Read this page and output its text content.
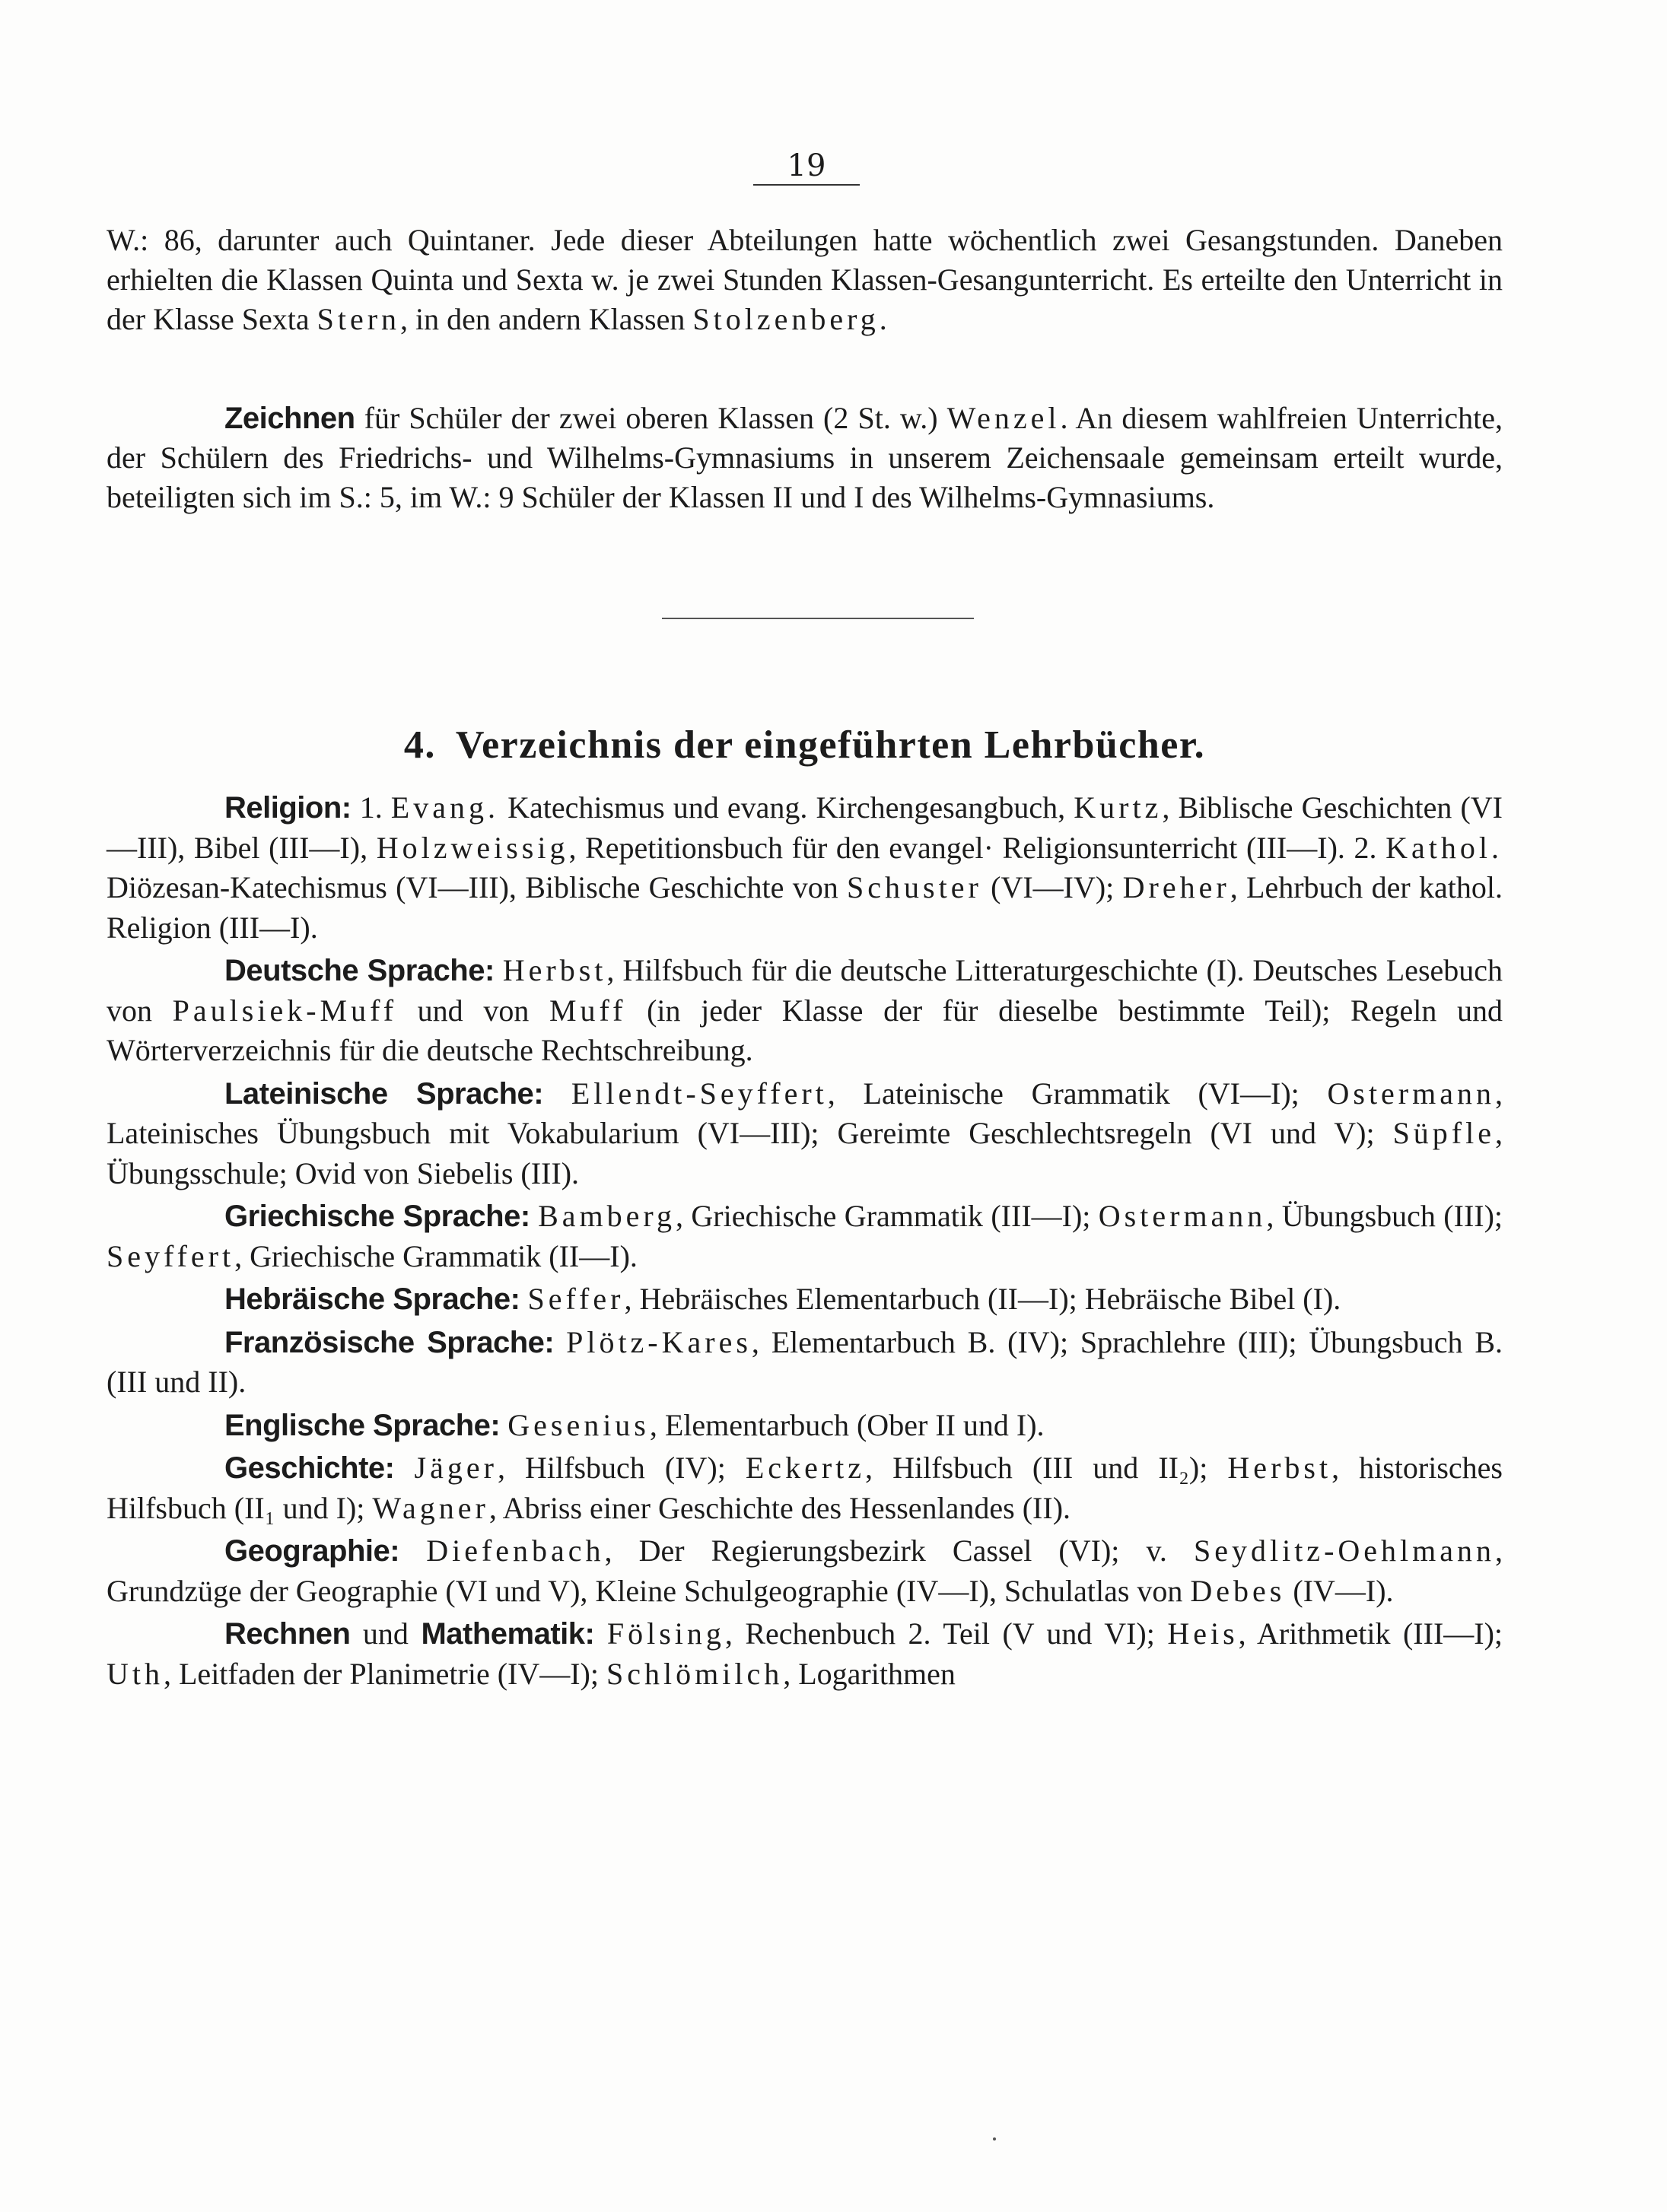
19

W.: 86, darunter auch Quintaner. Jede dieser Abteilungen hatte wöchentlich zwei Gesangstunden. Daneben erhielten die Klassen Quinta und Sexta w. je zwei Stunden Klassen-Gesangunterricht. Es erteilte den Unterricht in der Klasse Sexta Stern, in den andern Klassen Stolzenberg.

Zeichnen für Schüler der zwei oberen Klassen (2 St. w.) Wenzel. An diesem wahlfreien Unterrichte, der Schülern des Friedrichs- und Wilhelms-Gymnasiums in unserem Zeichensaale gemeinsam erteilt wurde, beteiligten sich im S.: 5, im W.: 9 Schüler der Klassen II und I des Wilhelms-Gymnasiums.

4. Verzeichnis der eingeführten Lehrbücher.

Religion: 1. Evang. Katechismus und evang. Kirchengesangbuch, Kurtz, Biblische Geschichten (VI—III), Bibel (III—I), Holzweissig, Repetitionsbuch für den evangel· Religionsunterricht (III—I). 2. Kathol. Diözesan-Katechismus (VI—III), Biblische Geschichte von Schuster (VI—IV); Dreher, Lehrbuch der kathol. Religion (III—I).

Deutsche Sprache: Herbst, Hilfsbuch für die deutsche Litteraturgeschichte (I). Deutsches Lesebuch von Paulsiek-Muff und von Muff (in jeder Klasse der für dieselbe bestimmte Teil); Regeln und Wörterverzeichnis für die deutsche Rechtschreibung.

Lateinische Sprache: Ellendt-Seyffert, Lateinische Grammatik (VI—I); Ostermann, Lateinisches Übungsbuch mit Vokabularium (VI—III); Gereimte Geschlechtsregeln (VI und V); Süpfle, Übungsschule; Ovid von Siebelis (III).

Griechische Sprache: Bamberg, Griechische Grammatik (III—I); Ostermann, Übungsbuch (III); Seyffert, Griechische Grammatik (II—I).

Hebräische Sprache: Seffer, Hebräisches Elementarbuch (II—I); Hebräische Bibel (I).

Französische Sprache: Plötz-Kares, Elementarbuch B. (IV); Sprachlehre (III); Übungsbuch B. (III und II).

Englische Sprache: Gesenius, Elementarbuch (Ober II und I).

Geschichte: Jäger, Hilfsbuch (IV); Eckertz, Hilfsbuch (III und II₂); Herbst, historisches Hilfsbuch (II₁ und I); Wagner, Abriss einer Geschichte des Hessenlandes (II).

Geographie: Diefenbach, Der Regierungsbezirk Cassel (VI); v. Seydlitz-Oehlmann, Grundzüge der Geographie (VI und V), Kleine Schulgeographie (IV—I), Schulatlas von Debes (IV—I).

Rechnen und Mathematik: Fölsing, Rechenbuch 2. Teil (V und VI); Heis, Arithmetik (III—I); Uth, Leitfaden der Planimetrie (IV—I); Schlömilch, Logarithmen
